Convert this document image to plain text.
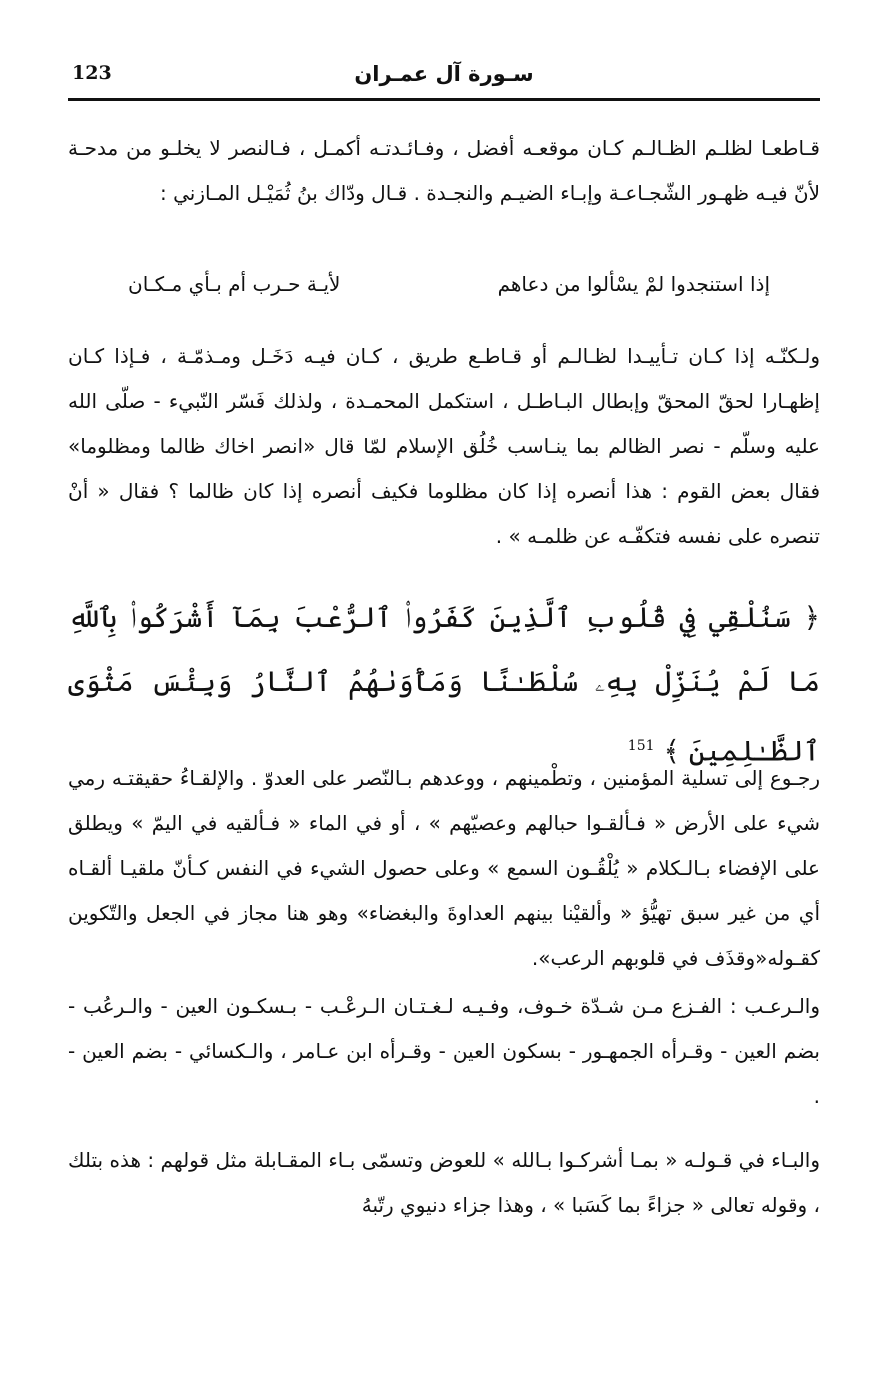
123	سـورة آل عمـران

قـاطعـا لظلـم الظـالـم كـان موقعـه أفضل ، وفـائـدتـه أكمـل ، فـالنصر لا يخلـو من مدحـة لأنّ فيـه ظهـور الشّجـاعـة وإبـاء الضيـم والنجـدة . قـال ودّاك بنُ ثُمَيْـل المـازني :

إذا استنجدوا لمْ يسْألوا من دعاهم
لأيـة حـرب أم بـأي مـكـان

ولـكنّـه إذا كـان تـأييـدا لظـالـم أو قـاطـع طريق ، كـان فيـه دَخَـل ومـذمّـة ، فـإذا كـان إظهـارا لحقّ المحقّ وإبطال البـاطـل ، استكمل المحمـدة ، ولذلك فَسّر النّبيء - صلّى الله عليه وسلّم - نصر الظالم بما ينـاسب خُلُق الإسلام لمّا قال «انصر اخاك ظالما ومظلوما» فقال بعض القوم : هذا أنصره إذا كان مظلوما فكيف أنصره إذا كان ظالما ؟ فقال « أنْ تنصره على نفسه فتكفّـه عن ظلمـه » .

﴿ سَنُلْقِي فِي قُلُوبِ ٱلَّذِينَ كَفَرُوا۟ ٱلرُّعْبَ بِمَآ أَشْرَكُوا۟ بِٱللَّهِ مَا لَمْ يُنَزِّلْ بِهِۦ سُلْطَـٰنًا وَمَأْوَىٰهُمُ ٱلنَّارُ وَبِئْسَ مَثْوَى ٱلظَّـٰلِمِينَ ﴾ $^{151}$

رجـوع إلى تسلية المؤمنين ، وتطْمينهم ، ووعدهم بـالنّصر على العدوّ . والإلقـاءُ حقيقتـه رمي شيء على الأرض « فـألقـوا حبالهم وعصيّهم » ، أو في الماء « فـألقيه في اليمّ » ويطلق على الإفضاء بـالـكلام « يُلْقُـون السمع » وعلى حصول الشيء في النفس كـأنّ ملقيـا ألقـاه أي من غير سبق تهيُّؤ « وألقيْنا بينهم العداوةَ والبغضاء» وهو هنا مجاز في الجعل والتّكوين كقـوله«وقذَف في قلوبهم الرعب».

والـرعـب : الفـزع مـن شـدّة خـوف، وفـيـه لـغـتـان الـرعْـب - بـسكـون العين - والـرعُب - بضم العين - وقـرأه الجمهـور - بسكون العين - وقـرأه ابن عـامر ، والـكسائي - بضم العين - .

والبـاء في قـولـه « بمـا أشركـوا بـالله » للعوض وتسمّى بـاء المقـابلة مثل قولهم : هذه بتلك ، وقوله تعالى « جزاءً بما كَسَبا » ، وهذا جزاء دنيوي رتّبهُ
